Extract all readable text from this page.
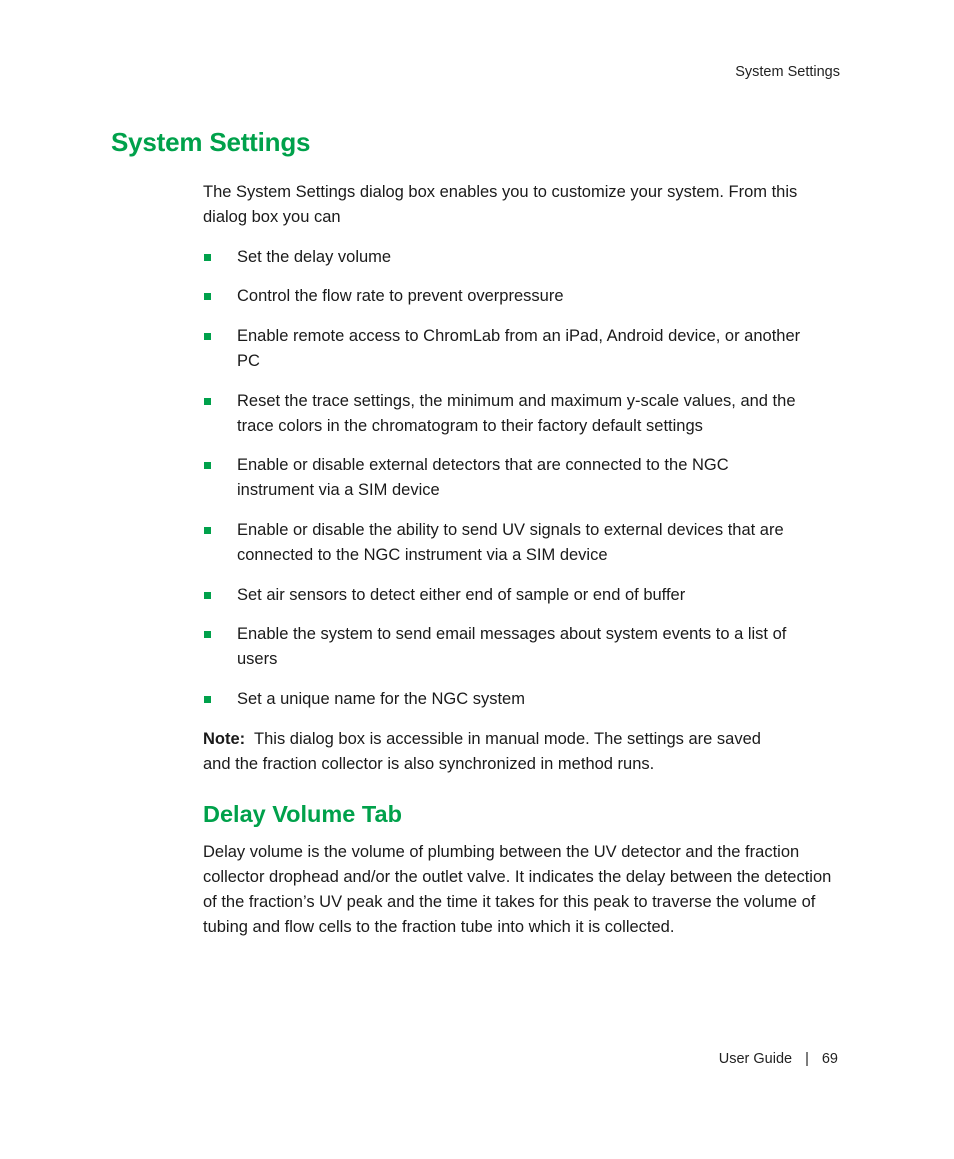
System Settings
System Settings

The System Settings dialog box enables you to customize your system. From this dialog box you can

Set the delay volume
Control the flow rate to prevent overpressure
Enable remote access to ChromLab from an iPad, Android device, or another PC
Reset the trace settings, the minimum and maximum y-scale values, and the trace colors in the chromatogram to their factory default settings
Enable or disable external detectors that are connected to the NGC instrument via a SIM device
Enable or disable the ability to send UV signals to external devices that are connected to the NGC instrument via a SIM device
Set air sensors to detect either end of sample or end of buffer
Enable the system to send email messages about system events to a list of users
Set a unique name for the NGC system

Note: This dialog box is accessible in manual mode. The settings are saved and the fraction collector is also synchronized in method runs.

Delay Volume Tab

Delay volume is the volume of plumbing between the UV detector and the fraction collector drophead and/or the outlet valve. It indicates the delay between the detection of the fraction’s UV peak and the time it takes for this peak to traverse the volume of tubing and flow cells to the fraction tube into which it is collected.

User Guide | 69
